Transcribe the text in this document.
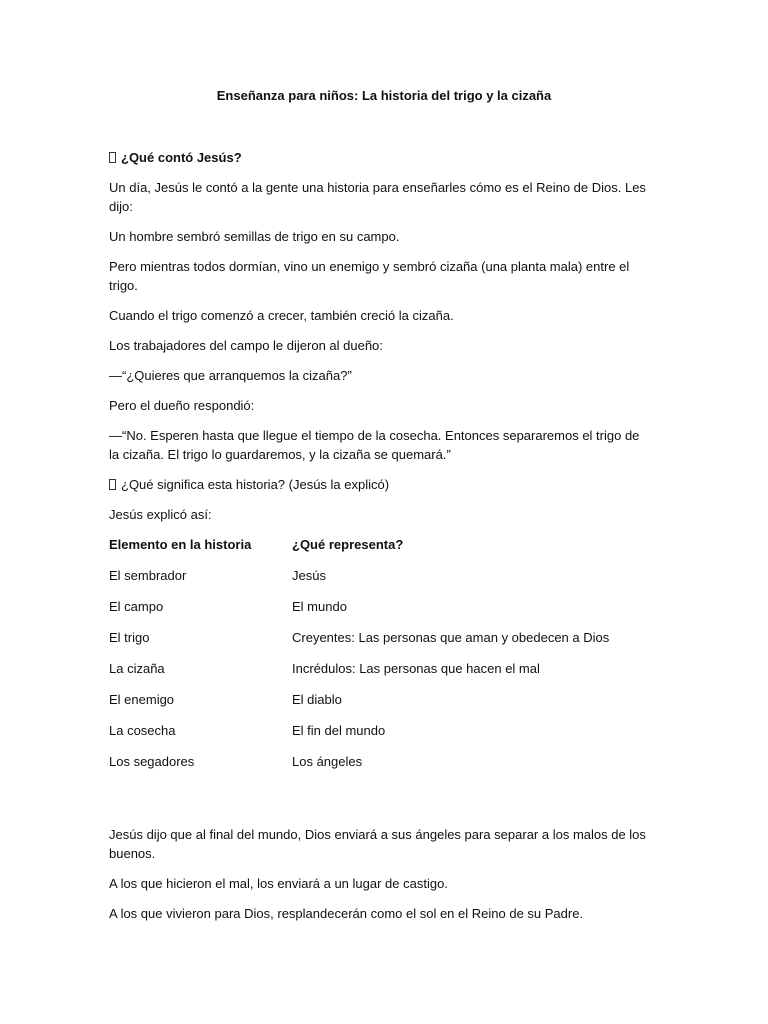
Enseñanza para niños: La historia del trigo y la cizaña
¿Qué contó Jesús?

Un día, Jesús le contó a la gente una historia para enseñarles cómo es el Reino de Dios. Les dijo:

Un hombre sembró semillas de trigo en su campo.

Pero mientras todos dormían, vino un enemigo y sembró cizaña (una planta mala) entre el trigo.

Cuando el trigo comenzó a crecer, también creció la cizaña.

Los trabajadores del campo le dijeron al dueño:

—“¿Quieres que arranquemos la cizaña?”

Pero el dueño respondió:

—“No. Esperen hasta que llegue el tiempo de la cosecha. Entonces separaremos el trigo de la cizaña. El trigo lo guardaremos, y la cizaña se quemará.”

¿Qué significa esta historia? (Jesús la explicó)

Jesús explicó así:

Elemento en la historia	¿Qué representa?
El sembrador	Jesús
El campo	El mundo
El trigo	Creyentes: Las personas que aman y obedecen a Dios
La cizaña	Incrédulos: Las personas que hacen el mal
El enemigo	El diablo
La cosecha	El fin del mundo
Los segadores	Los ángeles

Jesús dijo que al final del mundo, Dios enviará a sus ángeles para separar a los malos de los buenos.

A los que hicieron el mal, los enviará a un lugar de castigo.

A los que vivieron para Dios, resplandecerán como el sol en el Reino de su Padre.
